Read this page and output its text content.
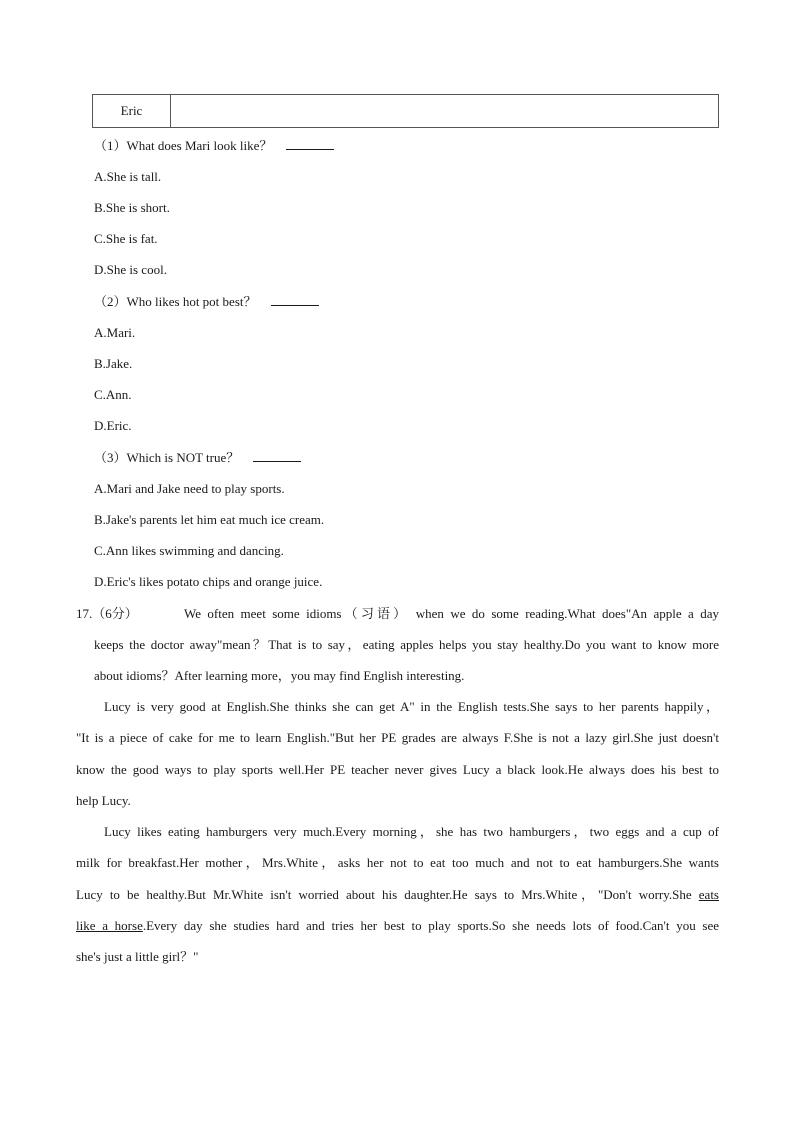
Eric
（1）What does Mari look like？
A.She is tall.
B.She is short.
C.She is fat.
D.She is cool.
（2）Who likes hot pot best？
A.Mari.
B.Jake.
C.Ann.
D.Eric.
（3）Which is NOT true？
A.Mari and Jake need to play sports.
B.Jake's parents let him eat much ice cream.
C.Ann likes swimming and dancing.
D.Eric's likes potato chips and orange juice.
17.（6分）	We often meet some idioms（习语） when we do some reading.What does"An apple a day
keeps the doctor away"mean？That is to say，eating apples helps you stay healthy.Do you want to know more
about idioms？After learning more，you may find English interesting.
Lucy is very good at English.She thinks she can get A" in the English tests.She says to her parents happily，
"It is a piece of cake for me to learn English."But her PE grades are always F.She is not a lazy girl.She just doesn't
know the good ways to play sports well.Her PE teacher never gives Lucy a black look.He always does his best to
help Lucy.
Lucy likes eating hamburgers very much.Every morning，she has two hamburgers，two eggs and a cup of
milk for breakfast.Her mother，Mrs.White，asks her not to eat too much and not to eat hamburgers.She wants
Lucy to be healthy.But Mr.White isn't worried about his daughter.He says to Mrs.White，"Don't worry.She eats
like a horse.Every day she studies hard and tries her best to play sports.So she needs lots of food.Can't you see
she's just a little girl？"
